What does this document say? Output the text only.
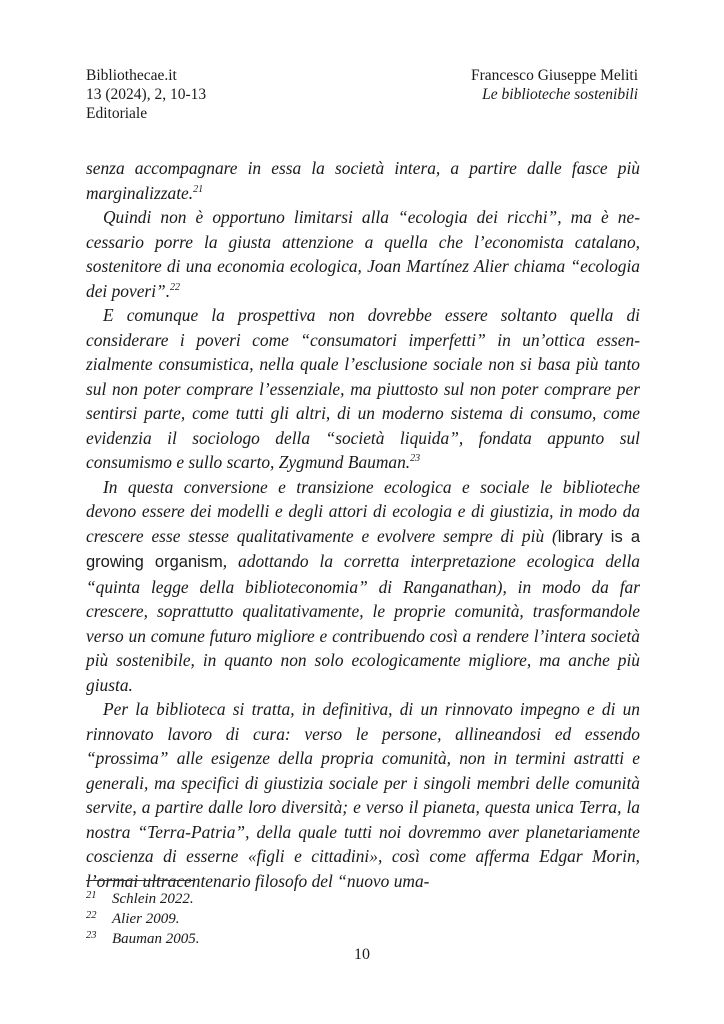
Bibliothecae.it
13 (2024), 2, 10-13
Editoriale
Francesco Giuseppe Meliti
Le biblioteche sostenibili

senza accompagnare in essa la società intera, a partire dalle fasce più marginalizzate.$^{21}$

Quindi non è opportuno limitarsi alla “ecologia dei ricchi”, ma è necessario porre la giusta attenzione a quella che l’economista catalano, sostenitore di una economia ecologica, Joan Martínez Alier chiama “ecologia dei poveri”.$^{22}$

E comunque la prospettiva non dovrebbe essere soltanto quella di considerare i poveri come “consumatori imperfetti” in un’ottica essenzialmente consumistica, nella quale l’esclusione sociale non si basa più tanto sul non poter comprare l’essenziale, ma piuttosto sul non poter comprare per sentirsi parte, come tutti gli altri, di un moderno sistema di consumo, come evidenzia il sociologo della “società liquida”, fondata appunto sul consumismo e sullo scarto, Zygmund Bauman.$^{23}$

In questa conversione e transizione ecologica e sociale le biblioteche devono essere dei modelli e degli attori di ecologia e di giustizia, in modo da crescere esse stesse qualitativamente e evolvere sempre di più (library is a growing organism, adottando la corretta interpretazione ecologica della “quinta legge della biblioteconomia” di Ranganathan), in modo da far crescere, soprattutto qualitativamente, le proprie comunità, trasformandole verso un comune futuro migliore e contribuendo così a rendere l’intera società più sostenibile, in quanto non solo ecologicamente migliore, ma anche più giusta.

Per la biblioteca si tratta, in definitiva, di un rinnovato impegno e di un rinnovato lavoro di cura: verso le persone, allineandosi ed essendo “prossima” alle esigenze della propria comunità, non in termini astratti e generali, ma specifici di giustizia sociale per i singoli membri delle comunità servite, a partire dalle loro diversità; e verso il pianeta, questa unica Terra, la nostra “Terra-Patria”, della quale tutti noi dovremmo aver planetariamente coscienza di esserne «figli e cittadini», così come afferma Edgar Morin, l’ormai ultracentenario filosofo del “nuovo uma-

21 Schlein 2022.
22 Alier 2009.
23 Bauman 2005.
10
